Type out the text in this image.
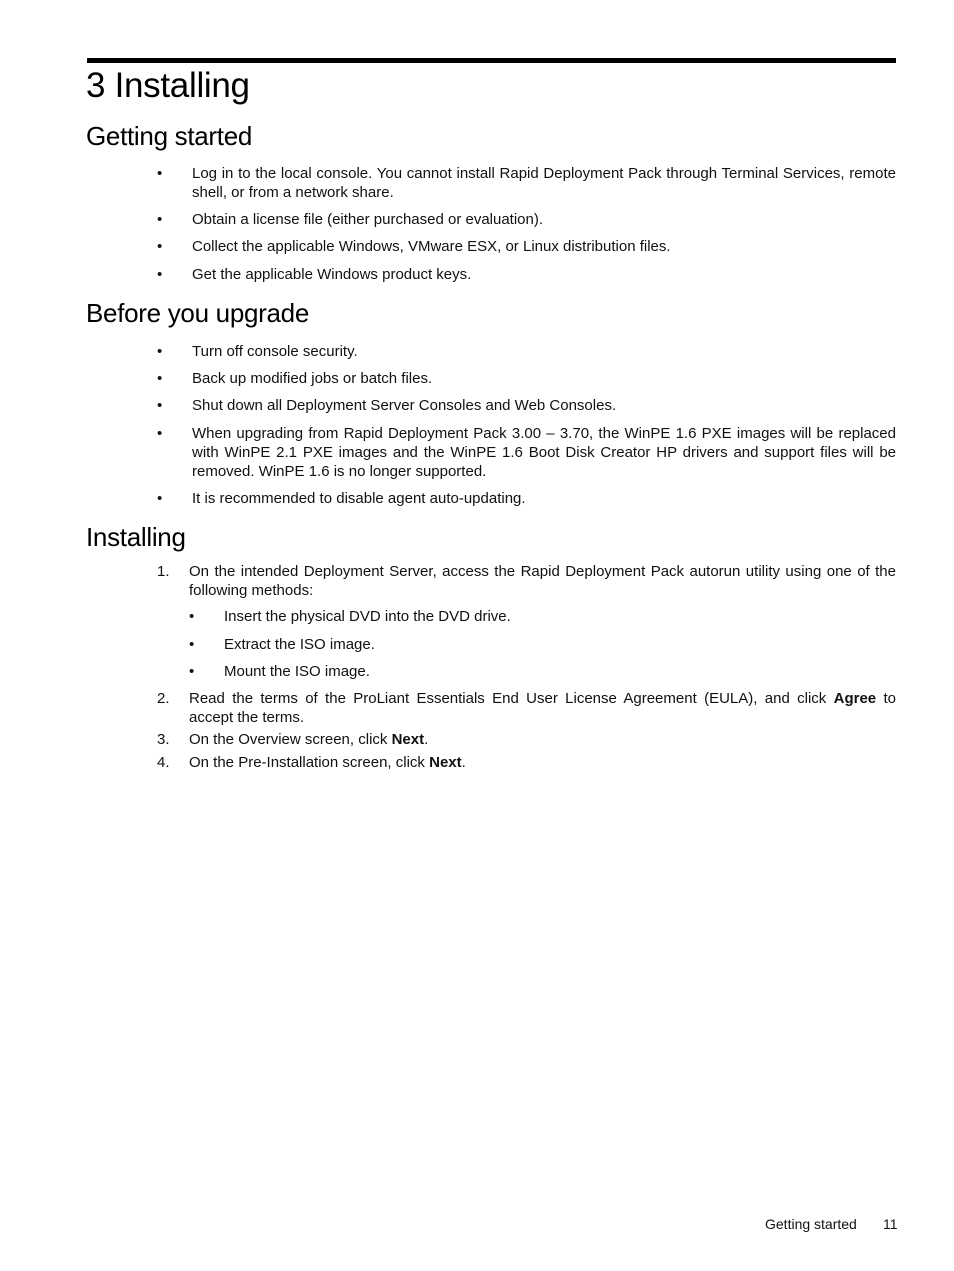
3 Installing
Getting started
•	Log in to the local console. You cannot install Rapid Deployment Pack through Terminal Services, remote shell, or from a network share.
•	Obtain a license file (either purchased or evaluation).
•	Collect the applicable Windows, VMware ESX, or Linux distribution files.
•	Get the applicable Windows product keys.
Before you upgrade
•	Turn off console security.
•	Back up modified jobs or batch files.
•	Shut down all Deployment Server Consoles and Web Consoles.
•	When upgrading from Rapid Deployment Pack 3.00 – 3.70, the WinPE 1.6 PXE images will be replaced with WinPE 2.1 PXE images and the WinPE 1.6 Boot Disk Creator HP drivers and support files will be removed. WinPE 1.6 is no longer supported.
•	It is recommended to disable agent auto-updating.
Installing
1.	On the intended Deployment Server, access the Rapid Deployment Pack autorun utility using one of the following methods:
•	Insert the physical DVD into the DVD drive.
•	Extract the ISO image.
•	Mount the ISO image.
2.	Read the terms of the ProLiant Essentials End User License Agreement (EULA), and click Agree to accept the terms.
3.	On the Overview screen, click Next.
4.	On the Pre-Installation screen, click Next.
Getting started 11
